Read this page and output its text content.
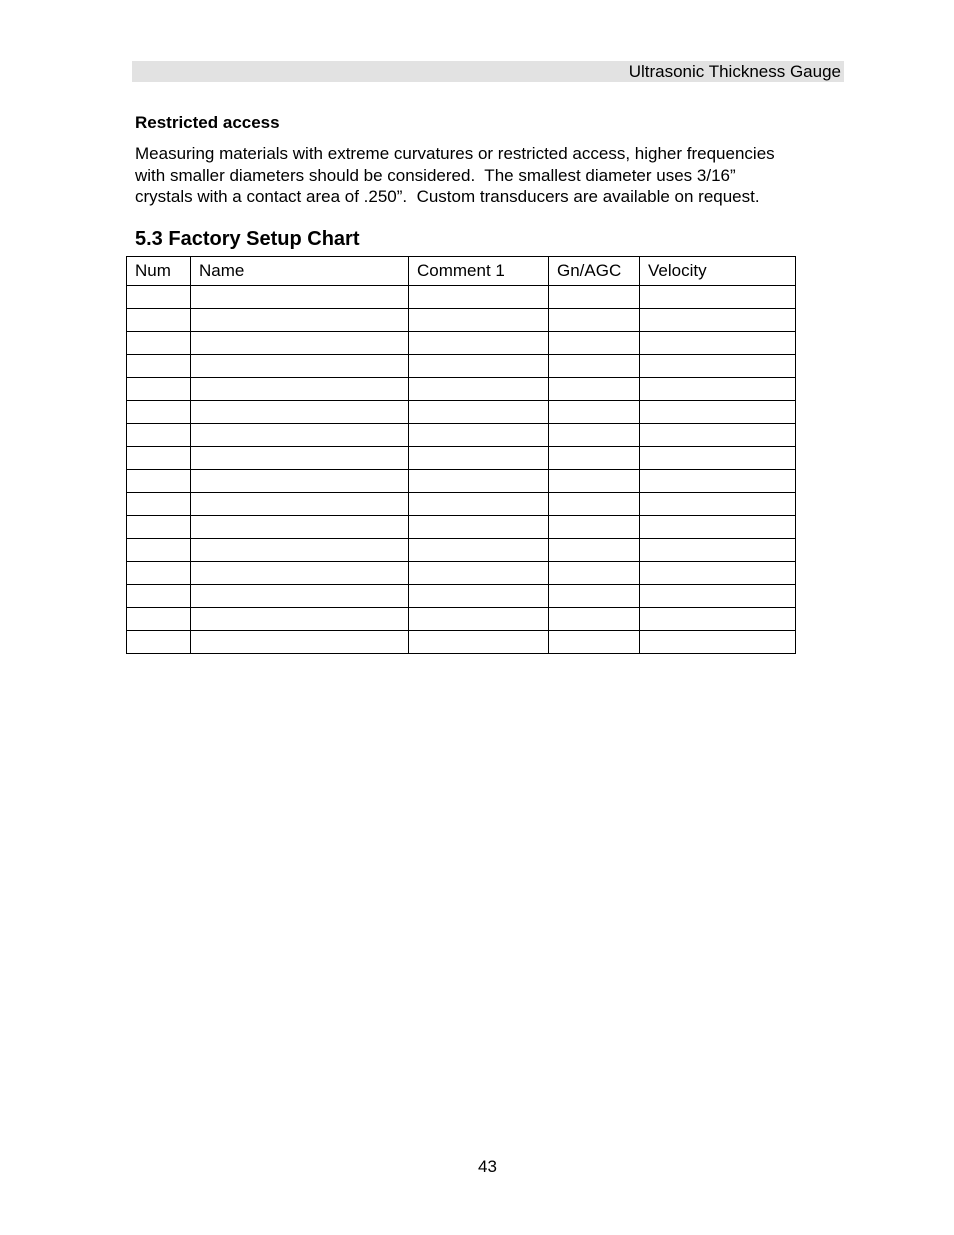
Ultrasonic Thickness Gauge
Restricted access

Measuring materials with extreme curvatures or restricted access, higher frequencies
with smaller diameters should be considered.  The smallest diameter uses 3/16”
crystals with a contact area of .250”.  Custom transducers are available on request.

5.3 Factory Setup Chart
Num	Name	Comment 1	Gn/AGC	Velocity

43
